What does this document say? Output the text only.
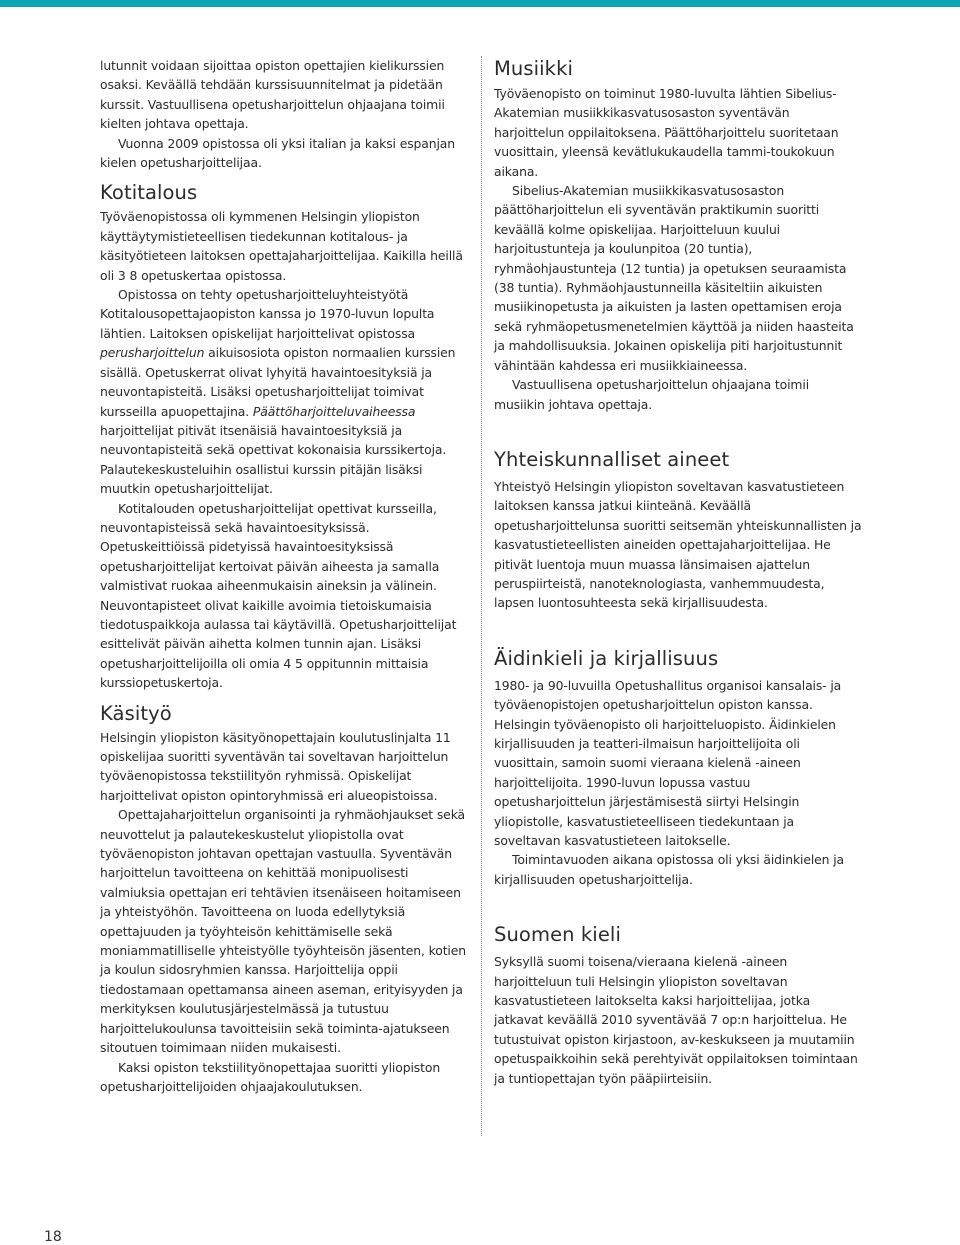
lutunnit voidaan sijoittaa opiston opettajien kielikurssien osaksi. Keväällä tehdään kurssisuunnitelmat ja pidetään kurssit. Vastuullisena opetusharjoittelun ohjaajana toimii kielten johtava opettaja.

Vuonna 2009 opistossa oli yksi italian ja kaksi espanjan kielen opetusharjoittelijaa.

Kotitalous

Työväenopistossa oli kymmenen Helsingin yliopiston käyttäytymistieteellisen tiedekunnan kotitalous- ja käsityötieteen laitoksen opettajaharjoittelijaa. Kaikilla heillä oli 3 8 opetuskertaa opistossa.

Opistossa on tehty opetusharjoitteluyhteistyötä Kotitalousopettajaopiston kanssa jo 1970-luvun lopulta lähtien. Laitoksen opiskelijat harjoittelivat opistossa perusharjoittelun aikuisosiota opiston normaalien kurssien sisällä. Opetuskerrat olivat lyhyitä havaintoesityksiä ja neuvontapisteitä. Lisäksi opetusharjoittelijat toimivat kursseilla apuopettajina. Päättöharjoitteluvaiheessa harjoittelijat pitivät itsenäisiä havaintoesityksiä ja neuvontapisteitä sekä opettivat kokonaisia kurssikertoja. Palautekeskusteluihin osallistui kurssin pitäjän lisäksi muutkin opetusharjoittelijat.

Kotitalouden opetusharjoittelijat opettivat kursseilla, neuvontapisteissä sekä havaintoesityksissä. Opetuskeittiöissä pidetyissä havaintoesityksissä opetusharjoittelijat kertoivat päivän aiheesta ja samalla valmistivat ruokaa aiheenmukaisin aineksin ja välinein. Neuvontapisteet olivat kaikille avoimia tietoiskumaisia tiedotuspaikkoja aulassa tai käytävillä. Opetusharjoittelijat esittelivät päivän aihetta kolmen tunnin ajan. Lisäksi opetusharjoittelijoilla oli omia 4 5 oppitunnin mittaisia kurssiopetuskertoja.

Käsityö

Helsingin yliopiston käsityönopettajain koulutuslinjalta 11 opiskelijaa suoritti syventävän tai soveltavan harjoittelun työväenopistossa tekstiilityön ryhmissä. Opiskelijat harjoittelivat opiston opintoryhmissä eri alueopistoissa.

Opettajaharjoittelun organisointi ja ryhmäohjaukset sekä neuvottelut ja palautekeskustelut yliopistolla ovat työväenopiston johtavan opettajan vastuulla. Syventävän harjoittelun tavoitteena on kehittää monipuolisesti valmiuksia opettajan eri tehtävien itsenäiseen hoitamiseen ja yhteistyöhön. Tavoitteena on luoda edellytyksiä opettajuuden ja työyhteisön kehittämiselle sekä moniammatilliselle yhteistyölle työyhteisön jäsenten, kotien ja koulun sidosryhmien kanssa. Harjoittelija oppii tiedostamaan opettamansa aineen aseman, erityisyyden ja merkityksen koulutusjärjestelmässä ja tutustuu harjoittelukoulunsa tavoitteisiin sekä toiminta-ajatukseen sitoutuen toimimaan niiden mukaisesti.

Kaksi opiston tekstiilityönopettajaa suoritti yliopiston opetusharjoittelijoiden ohjaajakoulutuksen.

Musiikki

Työväenopisto on toiminut 1980-luvulta lähtien Sibelius-Akatemian musiikkikasvatusosaston syventävän harjoittelun oppilaitoksena. Päättöharjoittelu suoritetaan vuosittain, yleensä kevätlukukaudella tammi-toukokuun aikana.

Sibelius-Akatemian musiikkikasvatusosaston päättöharjoittelun eli syventävän praktikumin suoritti keväällä kolme opiskelijaa. Harjoitteluun kuului harjoitustunteja ja koulunpitoa (20 tuntia), ryhmäohjaustunteja (12 tuntia) ja opetuksen seuraamista (38 tuntia). Ryhmäohjaustunneilla käsiteltiin aikuisten musiikinopetusta ja aikuisten ja lasten opettamisen eroja sekä ryhmäopetusmenetelmien käyttöä ja niiden haasteita ja mahdollisuuksia. Jokainen opiskelija piti harjoitustunnit vähintään kahdessa eri musiikkiaineessa.

Vastuullisena opetusharjoittelun ohjaajana toimii musiikin johtava opettaja.

Yhteiskunnalliset aineet

Yhteistyö Helsingin yliopiston soveltavan kasvatustieteen laitoksen kanssa jatkui kiinteänä. Keväällä opetusharjoittelunsa suoritti seitsemän yhteiskunnallisten ja kasvatustieteellisten aineiden opettajaharjoittelijaa. He pitivät luentoja muun muassa länsimaisen ajattelun peruspiirteistä, nanoteknologiasta, vanhemmuudesta, lapsen luontosuhteesta sekä kirjallisuudesta.

Äidinkieli ja kirjallisuus

1980- ja 90-luvuilla Opetushallitus organisoi kansalais- ja työväenopistojen opetusharjoittelun opiston kanssa. Helsingin työväenopisto oli harjoitteluopisto. Äidinkielen kirjallisuuden ja teatteri-ilmaisun harjoittelijoita oli vuosittain, samoin suomi vieraana kielenä -aineen harjoittelijoita. 1990-luvun lopussa vastuu opetusharjoittelun järjestämisestä siirtyi Helsingin yliopistolle, kasvatustieteelliseen tiedekuntaan ja soveltavan kasvatustieteen laitokselle.

Toimintavuoden aikana opistossa oli yksi äidinkielen ja kirjallisuuden opetusharjoittelija.

Suomen kieli

Syksyllä suomi toisena/vieraana kielenä -aineen harjoitteluun tuli Helsingin yliopiston soveltavan kasvatustieteen laitokselta kaksi harjoittelijaa, jotka jatkavat keväällä 2010 syventävää 7 op:n harjoittelua. He tutustuivat opiston kirjastoon, av-keskukseen ja muutamiin opetuspaikkoihin sekä perehtyivät oppilaitoksen toimintaan ja tuntiopettajan työn pääpiirteisiin.

18
